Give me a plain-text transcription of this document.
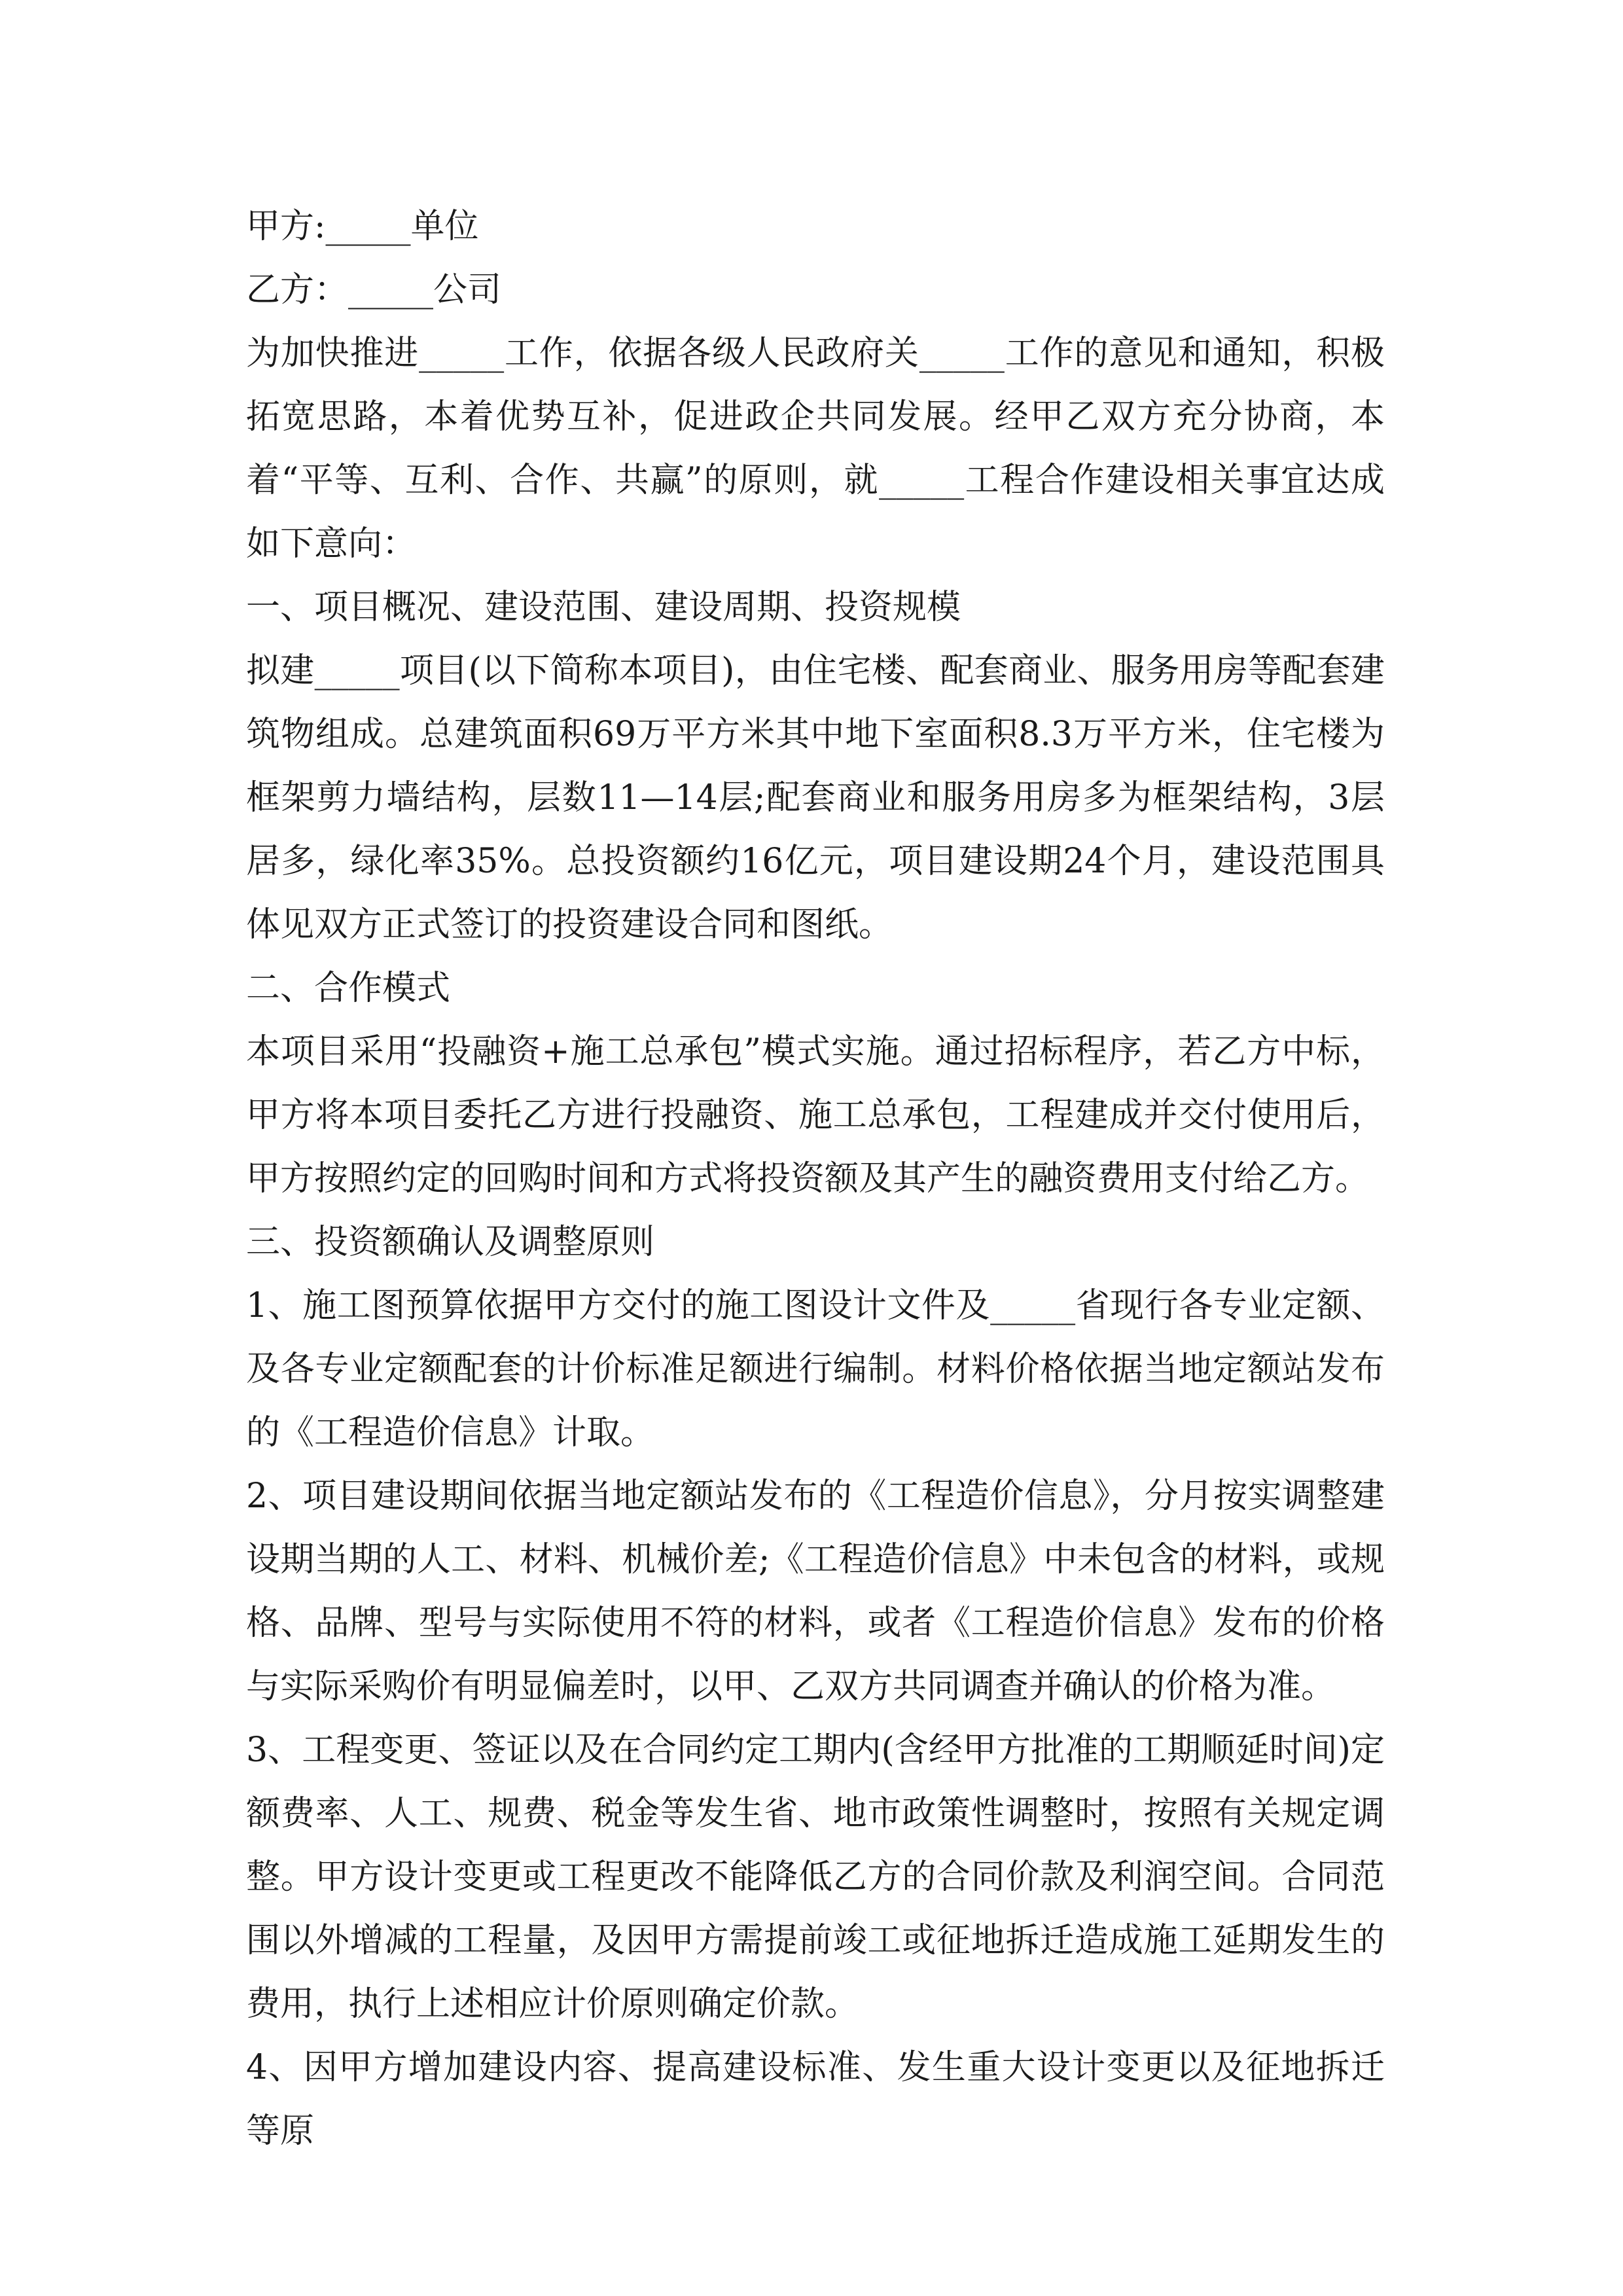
甲方:_____单位

乙方：_____公司

为加快推进_____工作，依据各级人民政府关_____工作的意见和通知，积极拓宽思路，本着优势互补，促进政企共同发展。经甲乙双方充分协商，本着“平等、互利、合作、共赢”的原则，就_____工程合作建设相关事宜达成如下意向：

一、项目概况、建设范围、建设周期、投资规模

拟建_____项目(以下简称本项目)，由住宅楼、配套商业、服务用房等配套建筑物组成。总建筑面积69万平方米其中地下室面积8.3万平方米，住宅楼为框架剪力墙结构，层数11—14层;配套商业和服务用房多为框架结构，3层居多，绿化率35%。总投资额约16亿元，项目建设期24个月，建设范围具体见双方正式签订的投资建设合同和图纸。

二、合作模式

本项目采用“投融资+施工总承包”模式实施。通过招标程序，若乙方中标，甲方将本项目委托乙方进行投融资、施工总承包，工程建成并交付使用后，甲方按照约定的回购时间和方式将投资额及其产生的融资费用支付给乙方。

三、投资额确认及调整原则

1、施工图预算依据甲方交付的施工图设计文件及_____省现行各专业定额、及各专业定额配套的计价标准足额进行编制。材料价格依据当地定额站发布的《工程造价信息》计取。

2、项目建设期间依据当地定额站发布的《工程造价信息》，分月按实调整建设期当期的人工、材料、机械价差;《工程造价信息》中未包含的材料，或规格、品牌、型号与实际使用不符的材料，或者《工程造价信息》发布的价格与实际采购价有明显偏差时，以甲、乙双方共同调查并确认的价格为准。

3、工程变更、签证以及在合同约定工期内(含经甲方批准的工期顺延时间)定额费率、人工、规费、税金等发生省、地市政策性调整时，按照有关规定调整。甲方设计变更或工程更改不能降低乙方的合同价款及利润空间。合同范围以外增减的工程量，及因甲方需提前竣工或征地拆迁造成施工延期发生的费用，执行上述相应计价原则确定价款。

4、因甲方增加建设内容、提高建设标准、发生重大设计变更以及征地拆迁等原
